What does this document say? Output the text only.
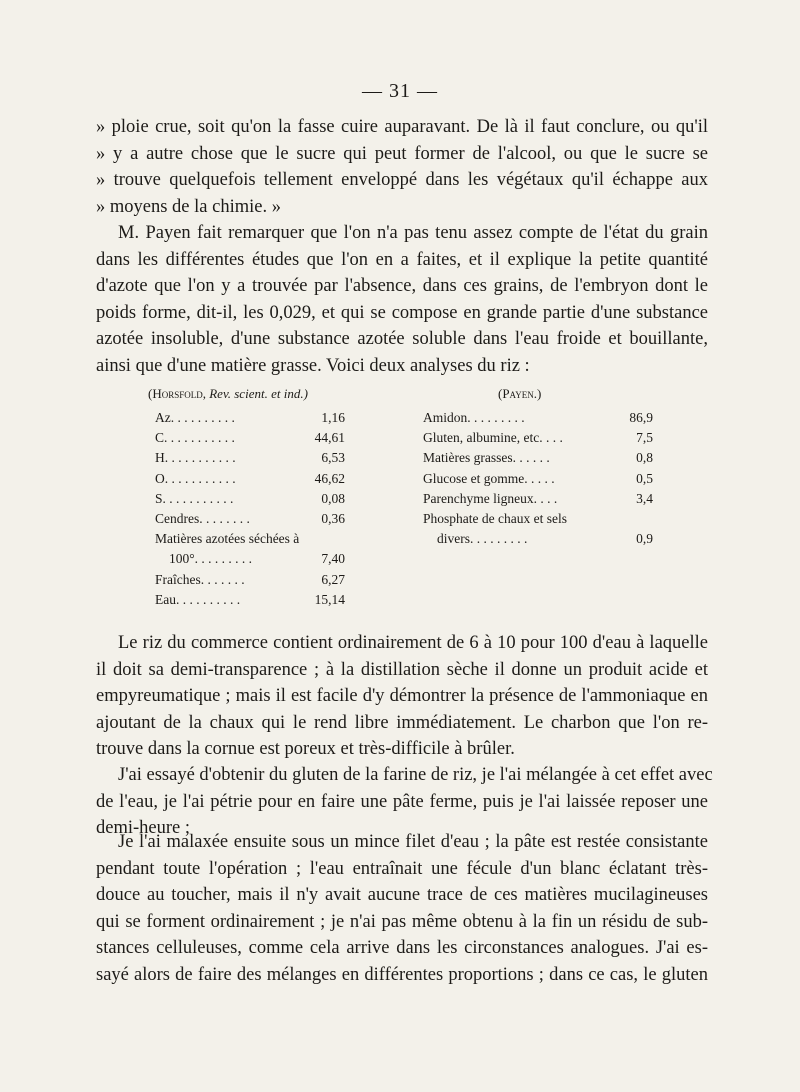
— 31 —

» ploie crue, soit qu'on la fasse cuire auparavant. De là il faut conclure, ou qu'il
» y a autre chose que le sucre qui peut former de l'alcool, ou que le sucre se
» trouve quelquefois tellement enveloppé dans les végétaux qu'il échappe aux
» moyens de la chimie. »

M. Payen fait remarquer que l'on n'a pas tenu assez compte de l'état du grain
dans les différentes études que l'on en a faites, et il explique la petite quantité
d'azote que l'on y a trouvée par l'absence, dans ces grains, de l'embryon dont le
poids forme, dit-il, les 0,029, et qui se compose en grande partie d'une substance
azotée insoluble, d'une substance azotée soluble dans l'eau froide et bouillante,
ainsi que d'une matière grasse. Voici deux analyses du riz :

(Horsfold, Rev. scient. et ind.)	(Payen.)
Az. . . . . . . . . .	1,16
C. . . . . . . . . . .	44,61
H. . . . . . . . . . .	6,53
O. . . . . . . . . . .	46,62
S. . . . . . . . . . .	0,08
Cendres. . . . . . . .	0,36
Matières azotées séchées à	
100°. . . . . . . . .	7,40
Fraîches. . . . . . .	6,27
Eau. . . . . . . . . .	15,14
Amidon. . . . . . . . .	86,9
Gluten, albumine, etc. . . .	7,5
Matières grasses. . . . . .	0,8
Glucose et gomme. . . . .	0,5
Parenchyme ligneux. . . .	3,4
Phosphate de chaux et sels	
divers. . . . . . . . .	0,9

Le riz du commerce contient ordinairement de 6 à 10 pour 100 d'eau à laquelle
il doit sa demi-transparence ; à la distillation sèche il donne un produit acide et
empyreumatique ; mais il est facile d'y démontrer la présence de l'ammoniaque en
ajoutant de la chaux qui le rend libre immédiatement. Le charbon que l'on re-
trouve dans la cornue est poreux et très-difficile à brûler.

J'ai essayé d'obtenir du gluten de la farine de riz, je l'ai mélangée à cet effet avec
de l'eau, je l'ai pétrie pour en faire une pâte ferme, puis je l'ai laissée reposer une
demi-heure ;

Je l'ai malaxée ensuite sous un mince filet d'eau ; la pâte est restée consistante
pendant toute l'opération ; l'eau entraînait une fécule d'un blanc éclatant très-
douce au toucher, mais il n'y avait aucune trace de ces matières mucilagineuses
qui se forment ordinairement ; je n'ai pas même obtenu à la fin un résidu de sub-
stances celluleuses, comme cela arrive dans les circonstances analogues. J'ai es-
sayé alors de faire des mélanges en différentes proportions ; dans ce cas, le gluten
